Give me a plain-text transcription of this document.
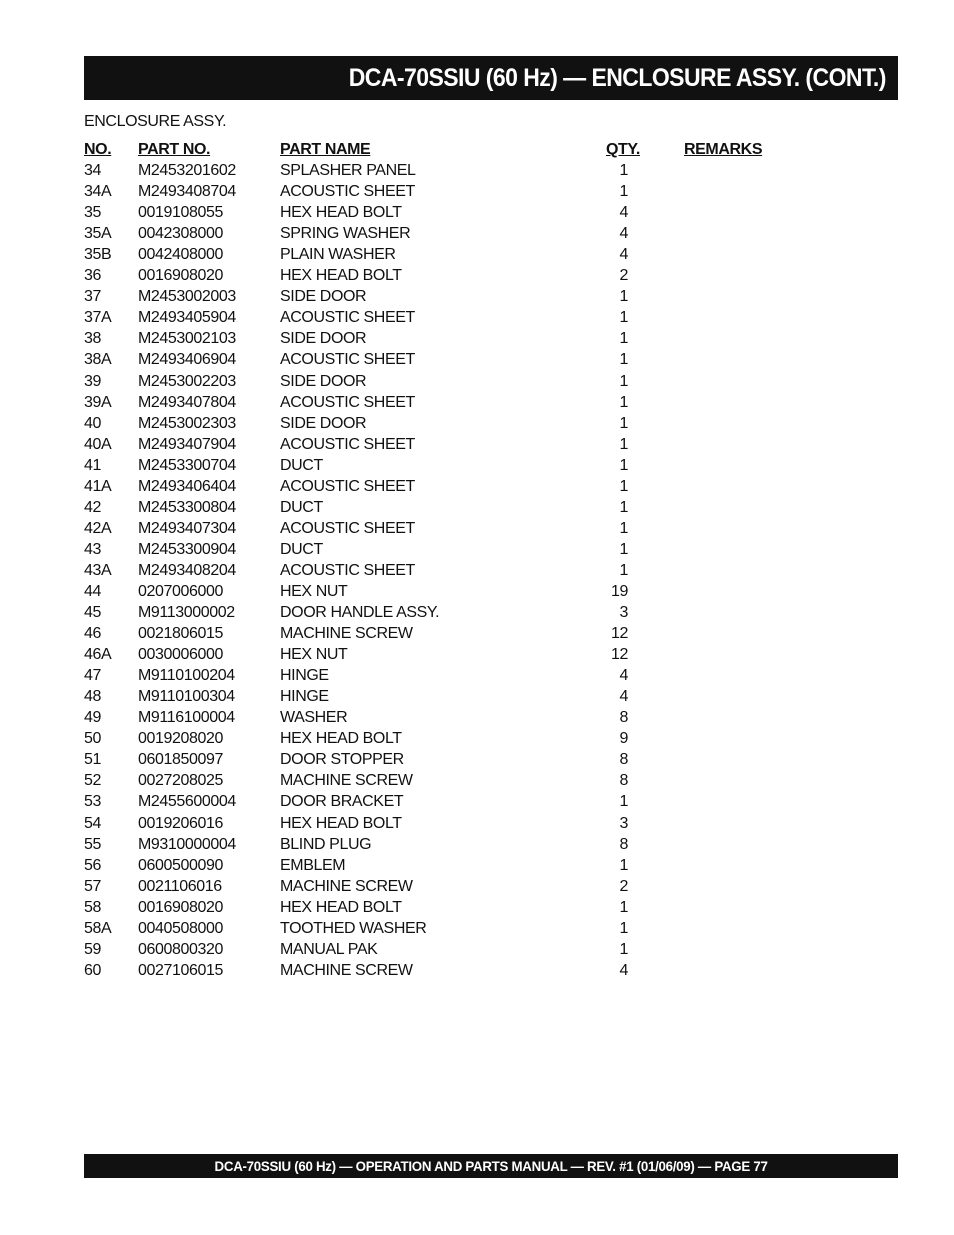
DCA-70SSIU (60 Hz) — ENCLOSURE ASSY. (CONT.)
ENCLOSURE ASSY.
NO. PART NO.	PART NAME	QTY.	REMARKS
34 M2453201602	SPLASHER PANEL	1
34A M2493408704	ACOUSTIC SHEET	1
35 0019108055	HEX HEAD BOLT	4
35A 0042308000	SPRING WASHER	4
35B 0042408000	PLAIN WASHER	4
36 0016908020	HEX HEAD BOLT	2
37 M2453002003	SIDE DOOR	1
37A M2493405904	ACOUSTIC SHEET	1
38 M2453002103	SIDE DOOR	1
38A M2493406904	ACOUSTIC SHEET	1
39 M2453002203	SIDE DOOR	1
39A M2493407804	ACOUSTIC SHEET	1
40 M2453002303	SIDE DOOR	1
40A M2493407904	ACOUSTIC SHEET	1
41 M2453300704	DUCT	1
41A M2493406404	ACOUSTIC SHEET	1
42 M2453300804	DUCT	1
42A M2493407304	ACOUSTIC SHEET	1
43 M2453300904	DUCT	1
43A M2493408204	ACOUSTIC SHEET	1
44 0207006000	HEX NUT	19
45 M9113000002	DOOR HANDLE ASSY.	3
46 0021806015	MACHINE SCREW	12
46A 0030006000	HEX NUT	12
47 M9110100204	HINGE	4
48 M9110100304	HINGE	4
49 M9116100004	WASHER	8
50 0019208020	HEX HEAD BOLT	9
51 0601850097	DOOR STOPPER	8
52 0027208025	MACHINE SCREW	8
53 M2455600004	DOOR BRACKET	1
54 0019206016	HEX HEAD BOLT	3
55 M9310000004	BLIND PLUG	8
56 0600500090	EMBLEM	1
57 0021106016	MACHINE SCREW	2
58 0016908020	HEX HEAD BOLT	1
58A 0040508000	TOOTHED WASHER	1
59 0600800320	MANUAL PAK	1
60 0027106015	MACHINE SCREW	4
DCA-70SSIU (60 Hz) — OPERATION AND PARTS MANUAL — REV. #1 (01/06/09) — PAGE 77
